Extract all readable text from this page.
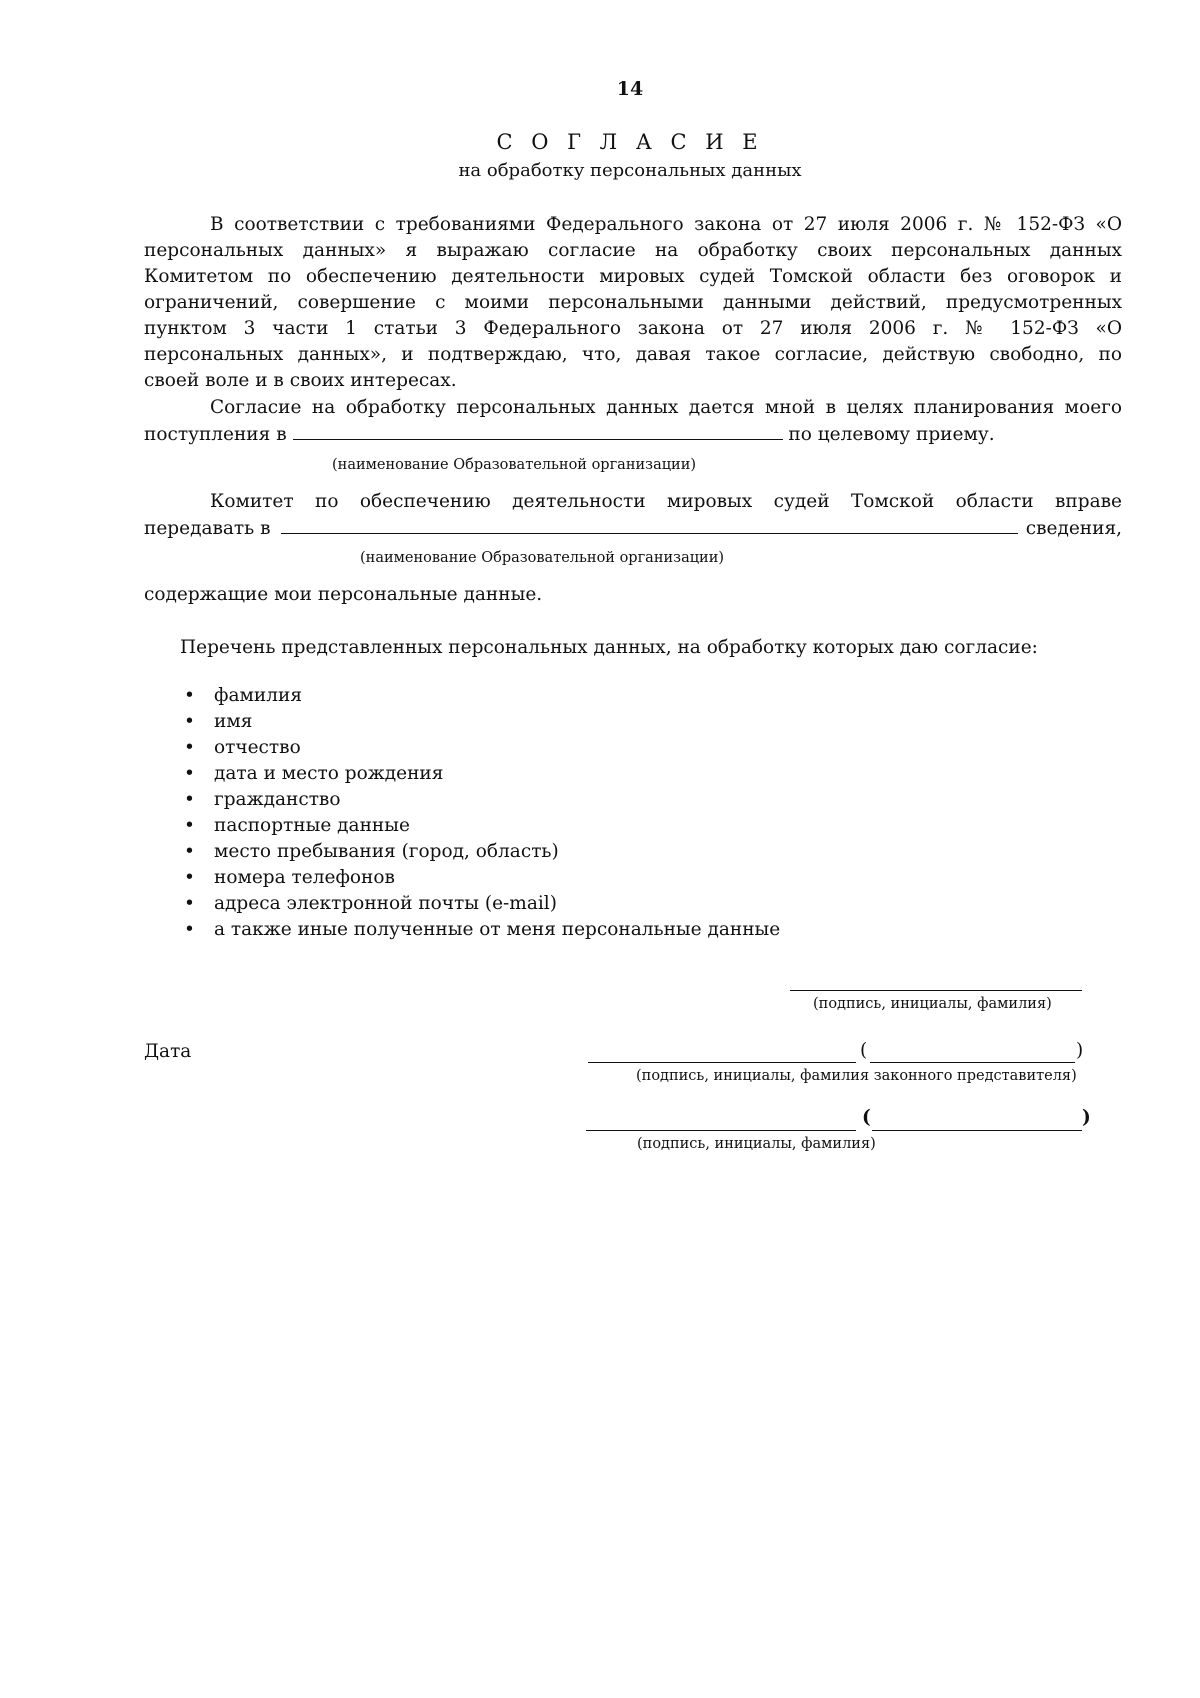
14
С О Г Л А С И Е
на обработку персональных данных
В соответствии с требованиями Федерального закона от 27 июля 2006 г. № 152-ФЗ «О
персональных данных» я выражаю согласие на обработку своих персональных данных
Комитетом по обеспечению деятельности мировых судей Томской области без оговорок и
ограничений, совершение с моими персональными данными действий, предусмотренных
пунктом 3 части 1 статьи 3 Федерального закона от 27 июля 2006 г. № 152-ФЗ «О
персональных данных», и подтверждаю, что, давая такое согласие, действую свободно, по
своей воле и в своих интересах.
Согласие на обработку персональных данных дается мной в целях планирования моего
поступления в	по целевому приему.
(наименование Образовательной организации)
Комитет по обеспечению деятельности мировых судей Томской области вправе
передавать в	сведения,
(наименование Образовательной организации)
содержащие мои персональные данные.
Перечень представленных персональных данных, на обработку которых даю согласие:
• фамилия
• имя
• отчество
• дата и место рождения
• гражданство
• паспортные данные
• место пребывания (город, область)
• номера телефонов
• адреса электронной почты (e-mail)
• а также иные полученные от меня персональные данные
(подпись, инициалы, фамилия)
Дата	(	)
(подпись, инициалы, фамилия законного представителя)
(	)
(подпись, инициалы, фамилия)
